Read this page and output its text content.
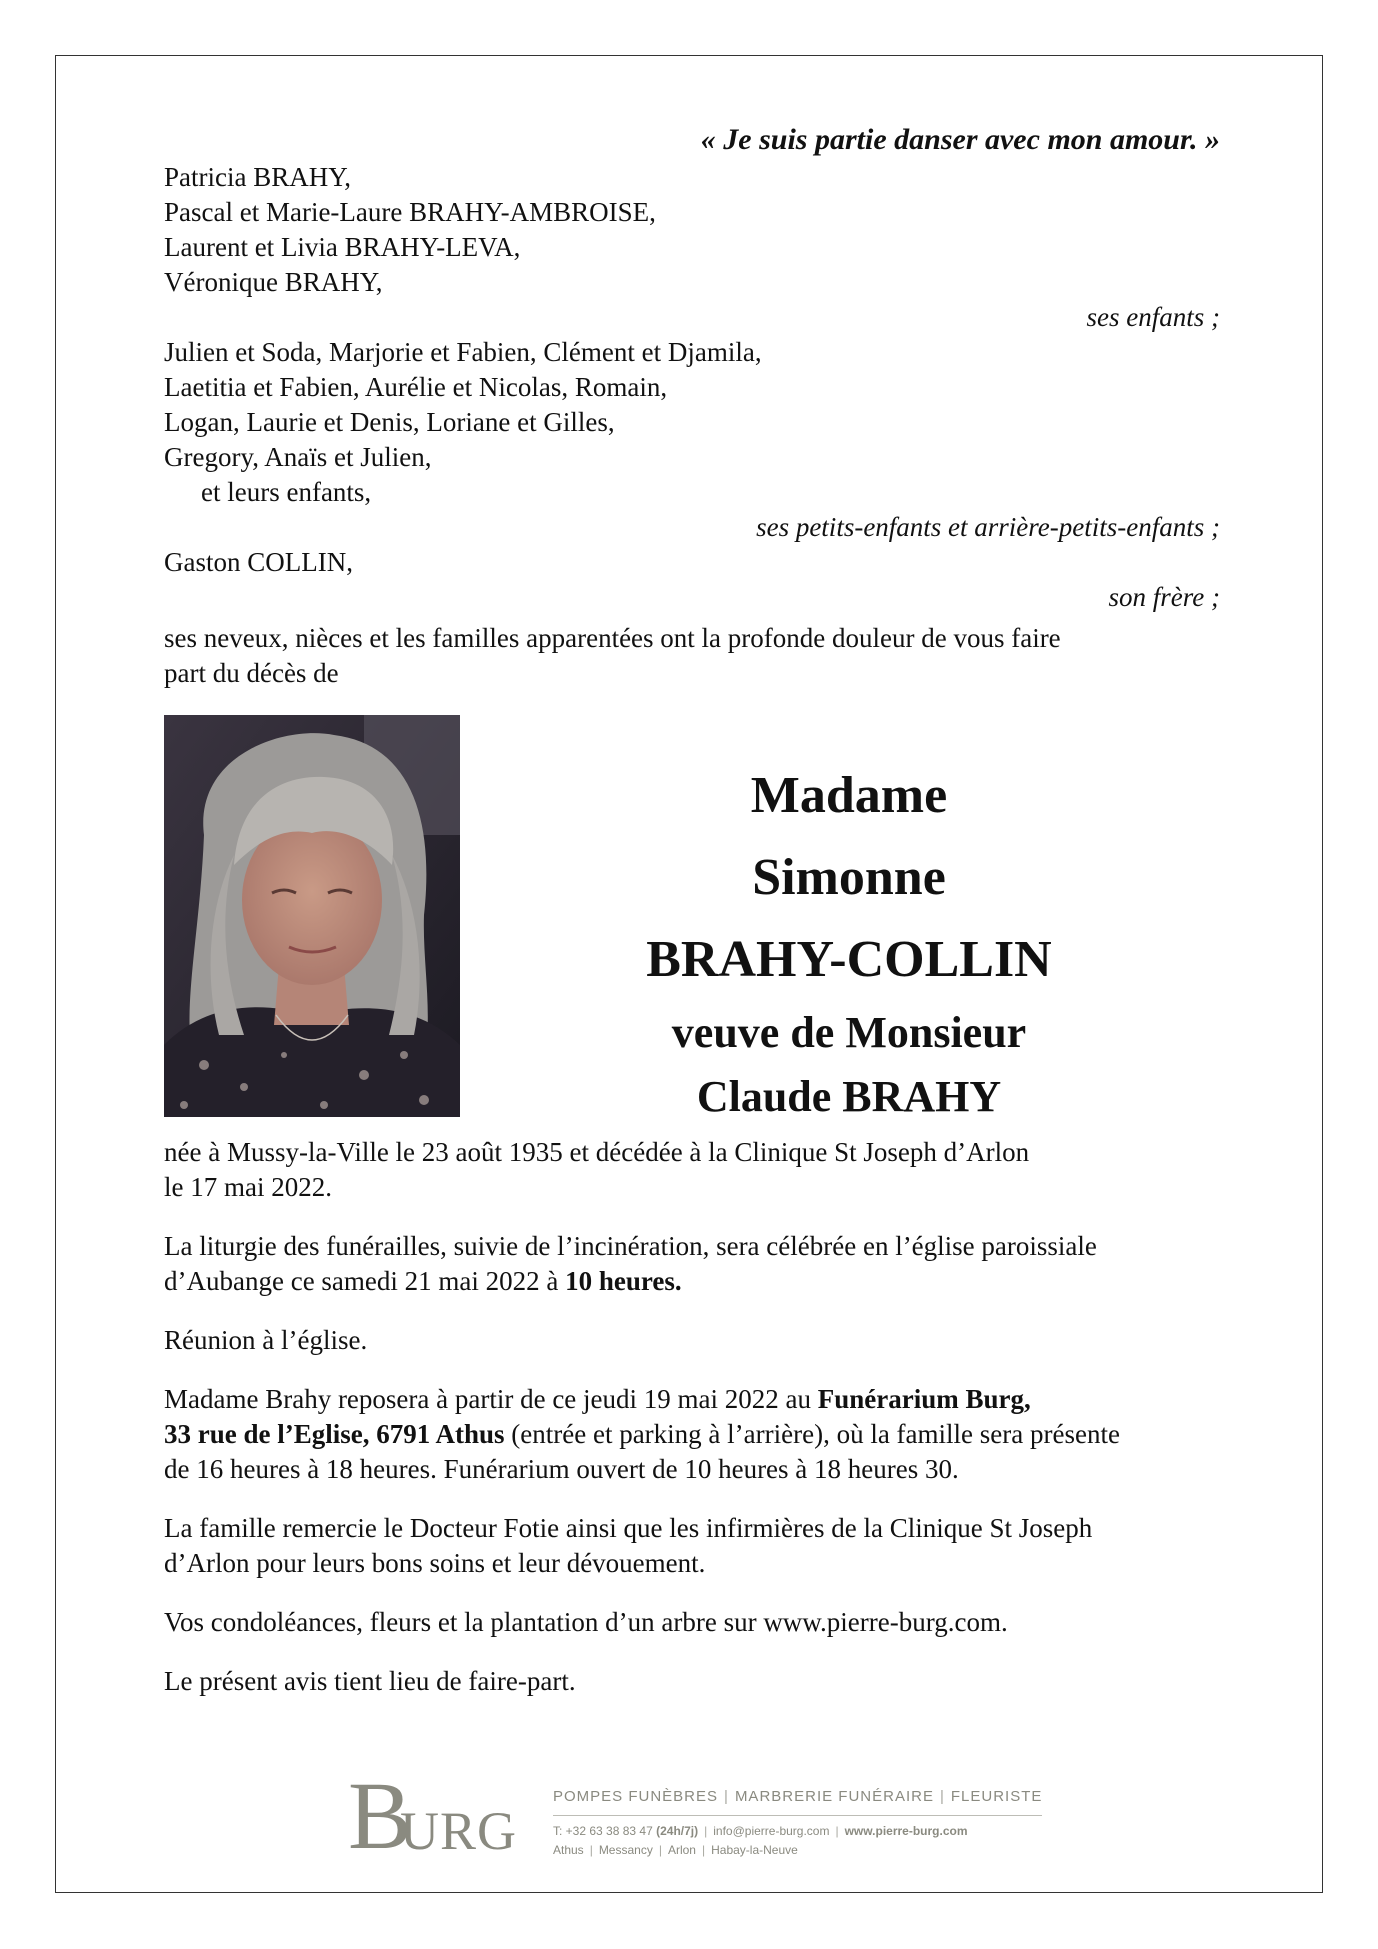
« Je suis partie danser avec mon amour. »

Patricia BRAHY,

Pascal et Marie-Laure BRAHY-AMBROISE,

Laurent et Livia BRAHY-LEVA,

Véronique BRAHY,

ses enfants ;

Julien et Soda, Marjorie et Fabien, Clément et Djamila,

Laetitia et Fabien, Aurélie et Nicolas, Romain,

Logan, Laurie et Denis, Loriane et Gilles,

Gregory, Anaïs et Julien,

et leurs enfants,

ses petits-enfants et arrière-petits-enfants ;

Gaston COLLIN,

son frère ;

ses neveux, nièces et les familles apparentées ont la profonde douleur de vous faire

part du décès de

Madame

Simonne

BRAHY-COLLIN

veuve de Monsieur

Claude BRAHY

née à Mussy-la-Ville le 23 août 1935 et décédée à la Clinique St Joseph d’Arlon

le 17 mai 2022.

La liturgie des funérailles, suivie de l’incinération, sera célébrée en l’église paroissiale

d’Aubange ce samedi 21 mai 2022 à 10 heures.

Réunion à l’église.

Madame Brahy reposera à partir de ce jeudi 19 mai 2022 au Funérarium Burg,

33 rue de l’Eglise, 6791 Athus (entrée et parking à l’arrière), où la famille sera présente

de 16 heures à 18 heures. Funérarium ouvert de 10 heures à 18 heures 30.

La famille remercie le Docteur Fotie ainsi que les infirmières de la Clinique St Joseph

d’Arlon pour leurs bons soins et leur dévouement.

Vos condoléances, fleurs et la plantation d’un arbre sur www.pierre-burg.com.

Le présent avis tient lieu de faire-part.

B
URG

POMPES FUNÈBRES | MARBRERIE FUNÉRAIRE | FLEURISTE

T: +32 63 38 83 47 (24h/7j) | info@pierre-burg.com | www.pierre-burg.com

Athus | Messancy | Arlon | Habay-la-Neuve
